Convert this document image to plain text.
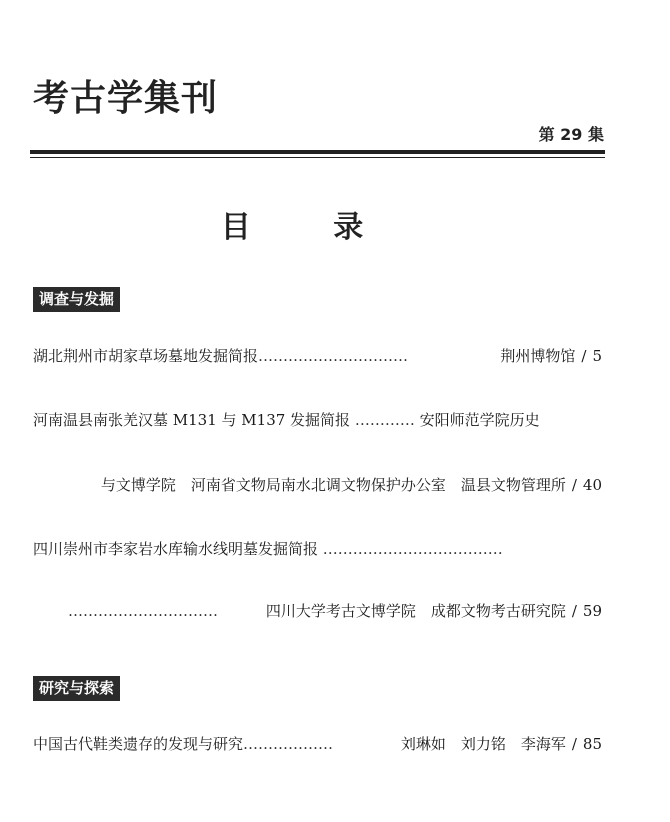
考古学集刊
第 29 集
目 录
调查与发掘
湖北荆州市胡家草场墓地发掘简报…………………………	荆州博物馆 / 5
河南温县南张羌汉墓 M131 与 M137 发掘简报 ………… 安阳师范学院历史
与文博学院　河南省文物局南水北调文物保护办公室　温县文物管理所 / 40
四川崇州市李家岩水库输水线明墓发掘简报 ………………………………
…………………………	四川大学考古文博学院　成都文物考古研究院 / 59
研究与探索
中国古代鞋类遗存的发现与研究………………	刘琳如　刘力铭　李海军 / 85
